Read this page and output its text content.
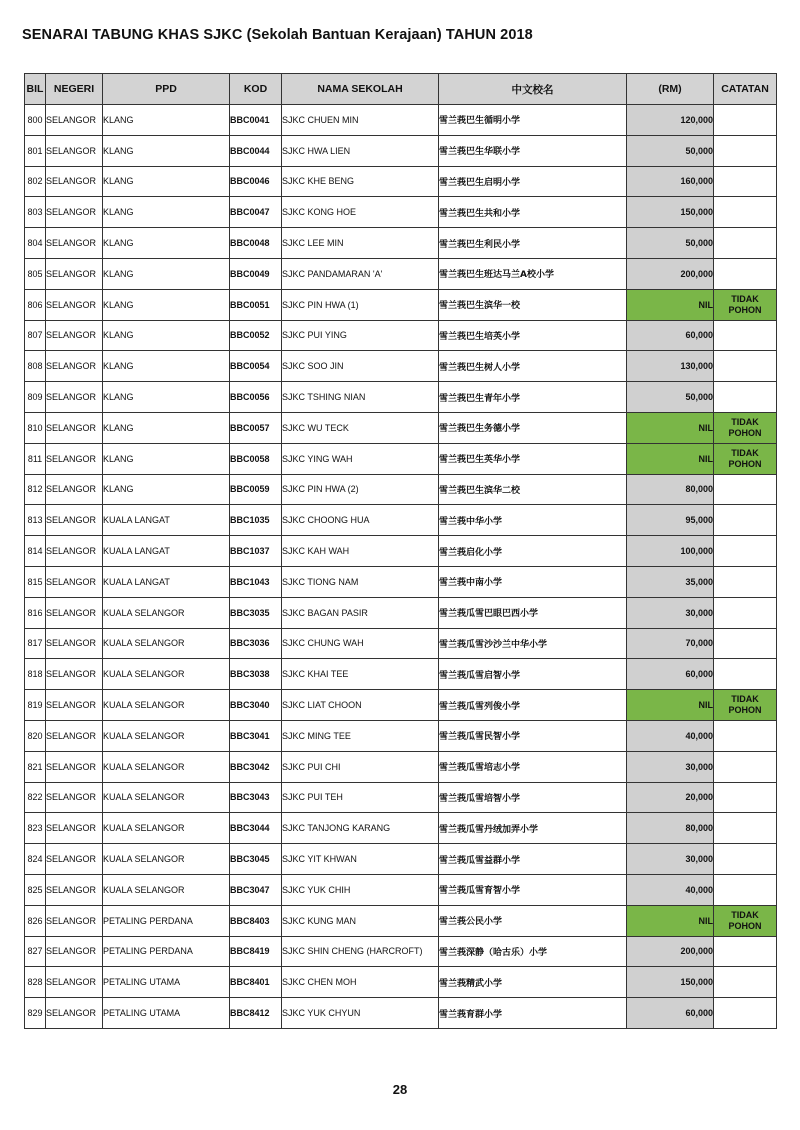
SENARAI TABUNG KHAS SJKC (Sekolah Bantuan Kerajaan) TAHUN 2018
BIL	NEGERI	PPD	KOD	NAMA SEKOLAH	中文校名	(RM)	CATATAN
800	SELANGOR	KLANG	BBC0041	SJKC CHUEN MIN	雪兰莪巴生循明小学	120,000	
801	SELANGOR	KLANG	BBC0044	SJKC HWA LIEN	雪兰莪巴生华联小学	50,000	
802	SELANGOR	KLANG	BBC0046	SJKC KHE BENG	雪兰莪巴生启明小学	160,000	
803	SELANGOR	KLANG	BBC0047	SJKC KONG HOE	雪兰莪巴生共和小学	150,000	
804	SELANGOR	KLANG	BBC0048	SJKC LEE MIN	雪兰莪巴生利民小学	50,000	
805	SELANGOR	KLANG	BBC0049	SJKC PANDAMARAN 'A'	雪兰莪巴生班达马兰A校小学	200,000	
806	SELANGOR	KLANG	BBC0051	SJKC PIN HWA (1)	雪兰莪巴生滨华一校	NIL	TIDAK POHON
807	SELANGOR	KLANG	BBC0052	SJKC PUI YING	雪兰莪巴生培英小学	60,000	
808	SELANGOR	KLANG	BBC0054	SJKC SOO JIN	雪兰莪巴生树人小学	130,000	
809	SELANGOR	KLANG	BBC0056	SJKC TSHING NIAN	雪兰莪巴生青年小学	50,000	
810	SELANGOR	KLANG	BBC0057	SJKC WU TECK	雪兰莪巴生务德小学	NIL	TIDAK POHON
811	SELANGOR	KLANG	BBC0058	SJKC YING WAH	雪兰莪巴生英华小学	NIL	TIDAK POHON
812	SELANGOR	KLANG	BBC0059	SJKC PIN HWA (2)	雪兰莪巴生滨华二校	80,000	
813	SELANGOR	KUALA LANGAT	BBC1035	SJKC CHOONG HUA	雪兰莪中华小学	95,000	
814	SELANGOR	KUALA LANGAT	BBC1037	SJKC KAH WAH	雪兰莪启化小学	100,000	
815	SELANGOR	KUALA LANGAT	BBC1043	SJKC TIONG NAM	雪兰莪中南小学	35,000	
816	SELANGOR	KUALA SELANGOR	BBC3035	SJKC BAGAN PASIR	雪兰莪瓜雪巴眼巴西小学	30,000	
817	SELANGOR	KUALA SELANGOR	BBC3036	SJKC CHUNG WAH	雪兰莪瓜雪沙沙兰中华小学	70,000	
818	SELANGOR	KUALA SELANGOR	BBC3038	SJKC KHAI TEE	雪兰莪瓜雪启智小学	60,000	
819	SELANGOR	KUALA SELANGOR	BBC3040	SJKC LIAT CHOON	雪兰莪瓜雪列俊小学	NIL	TIDAK POHON
820	SELANGOR	KUALA SELANGOR	BBC3041	SJKC MING TEE	雪兰莪瓜雪民智小学	40,000	
821	SELANGOR	KUALA SELANGOR	BBC3042	SJKC PUI CHI	雪兰莪瓜雪培志小学	30,000	
822	SELANGOR	KUALA SELANGOR	BBC3043	SJKC PUI TEH	雪兰莪瓜雪培智小学	20,000	
823	SELANGOR	KUALA SELANGOR	BBC3044	SJKC TANJONG KARANG	雪兰莪瓜雪丹绒加弄小学	80,000	
824	SELANGOR	KUALA SELANGOR	BBC3045	SJKC YIT KHWAN	雪兰莪瓜雪益群小学	30,000	
825	SELANGOR	KUALA SELANGOR	BBC3047	SJKC YUK CHIH	雪兰莪瓜雪育智小学	40,000	
826	SELANGOR	PETALING PERDANA	BBC8403	SJKC KUNG MAN	雪兰莪公民小学	NIL	TIDAK POHON
827	SELANGOR	PETALING PERDANA	BBC8419	SJKC SHIN CHENG (HARCROFT)	雪兰莪深静（哈古乐）小学	200,000	
828	SELANGOR	PETALING UTAMA	BBC8401	SJKC CHEN MOH	雪兰莪精武小学	150,000	
829	SELANGOR	PETALING UTAMA	BBC8412	SJKC YUK CHYUN	雪兰莪育群小学	60,000	
28
